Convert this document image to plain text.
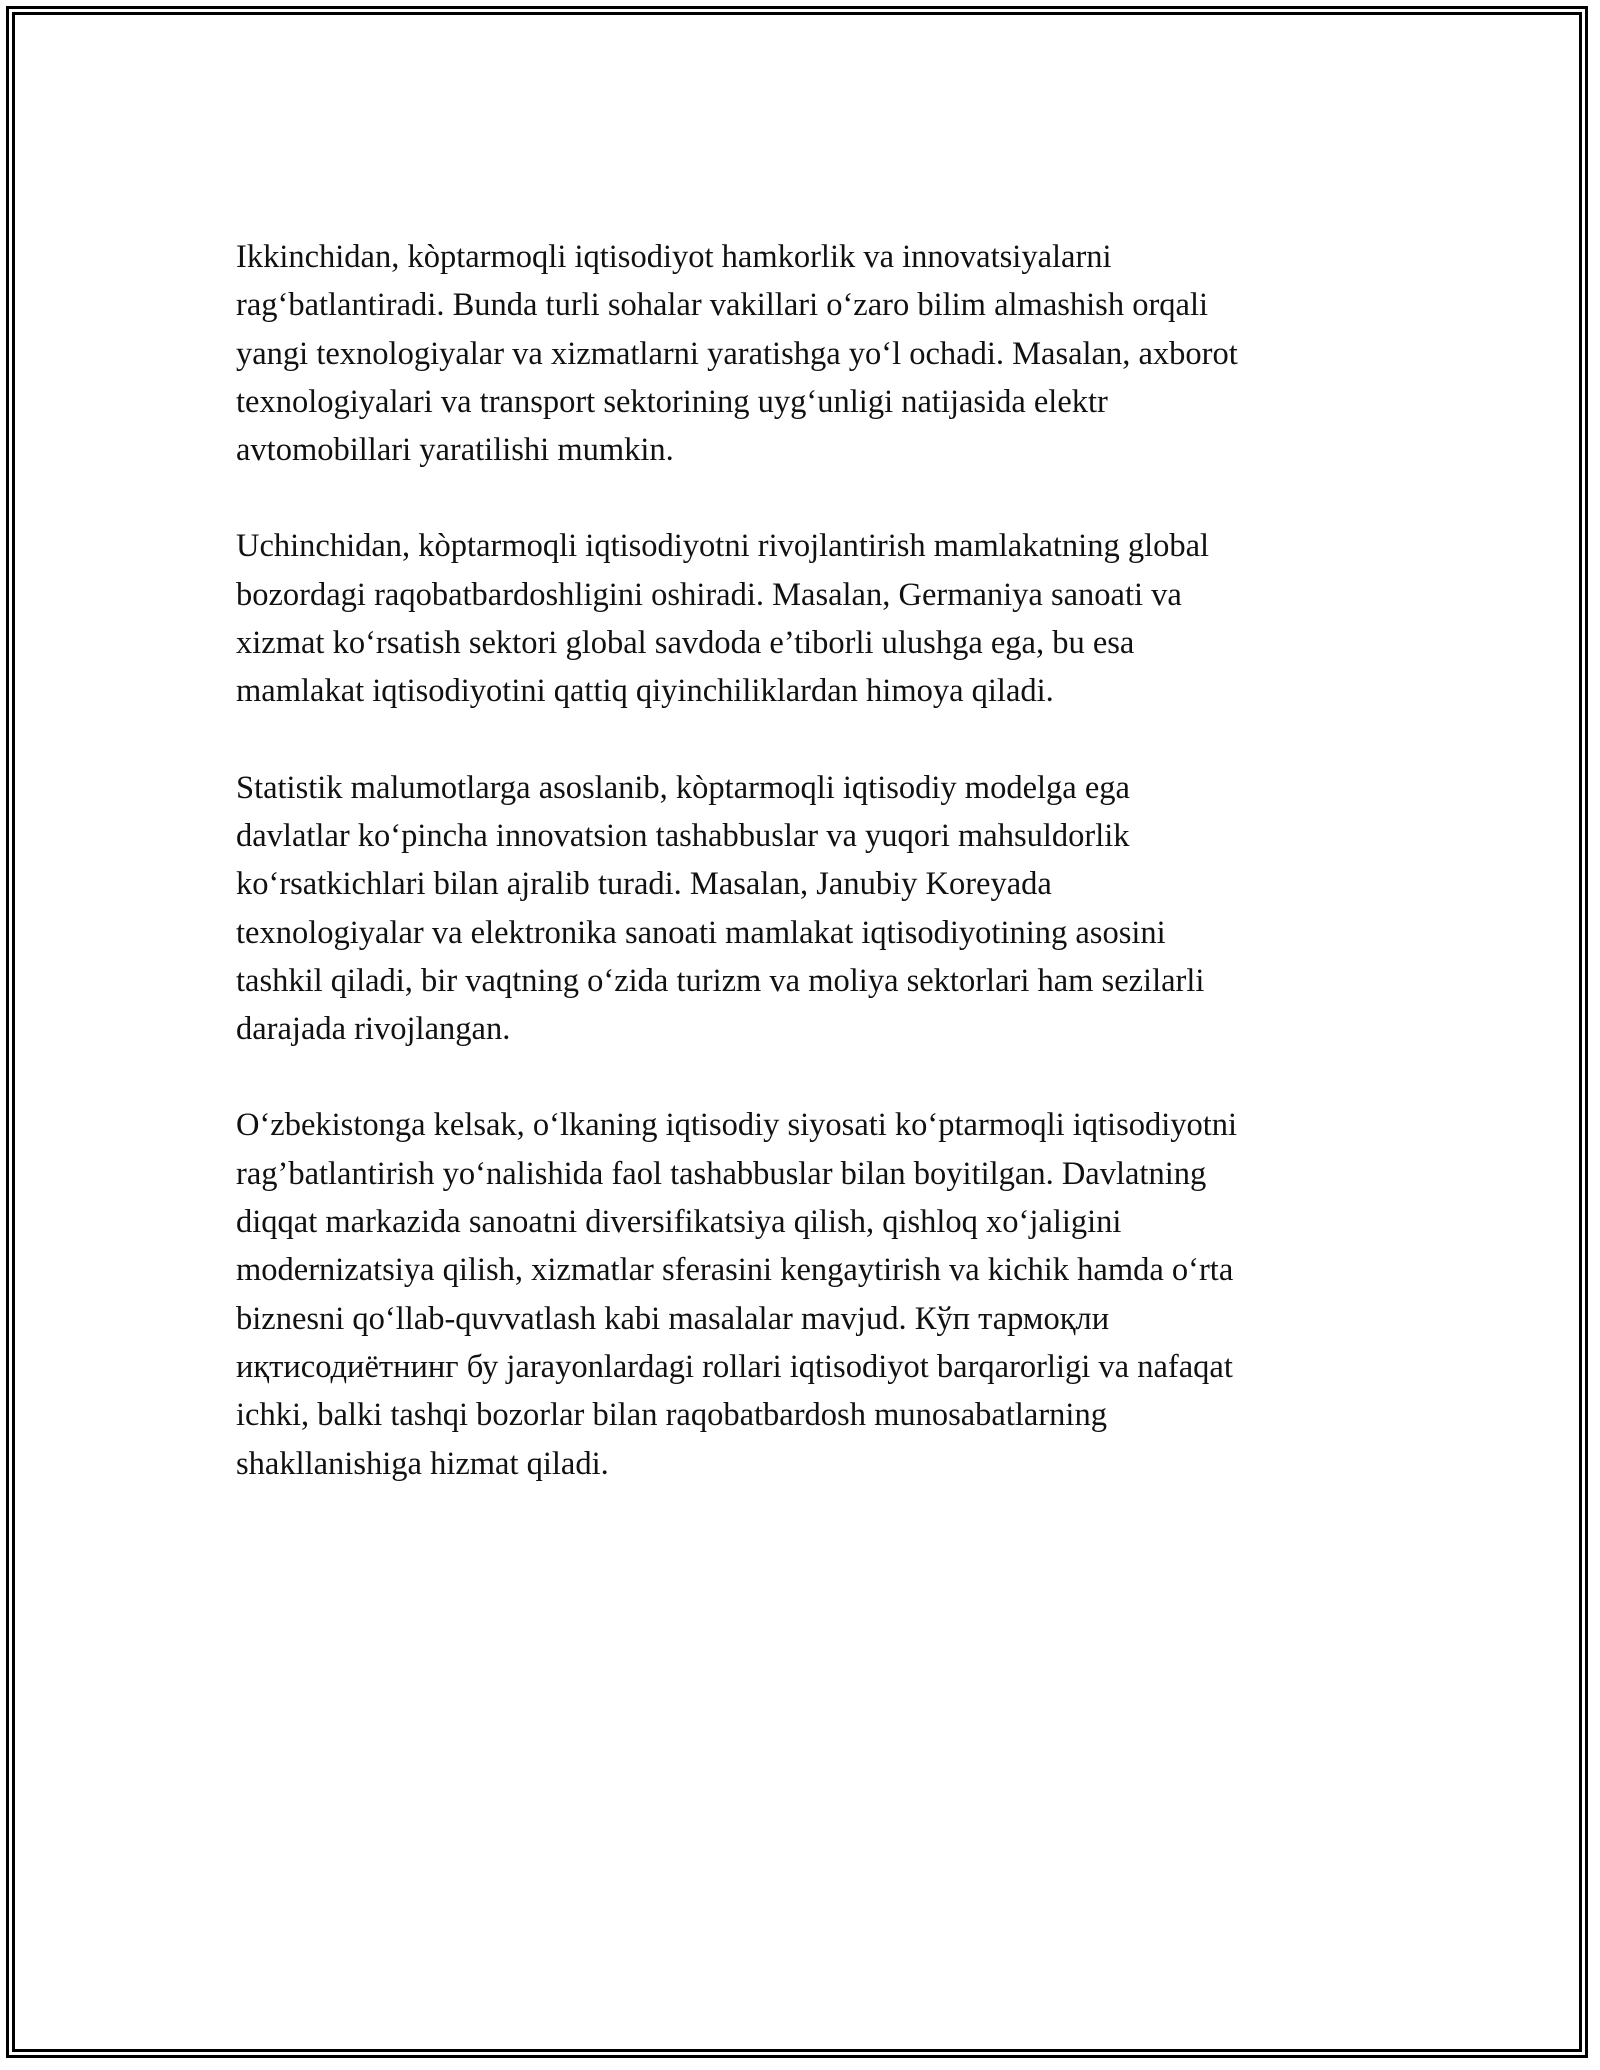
Ikkinchidan, kòptarmoqli iqtisodiyot hamkorlik va innovatsiyalarni
rag‘batlantiradi. Bunda turli sohalar vakillari o‘zaro bilim almashish orqali
yangi texnologiyalar va xizmatlarni yaratishga yo‘l ochadi. Masalan, axborot
texnologiyalari va transport sektorining uyg‘unligi natijasida elektr
avtomobillari yaratilishi mumkin.

Uchinchidan, kòptarmoqli iqtisodiyotni rivojlantirish mamlakatning global
bozordagi raqobatbardoshligini oshiradi. Masalan, Germaniya sanoati va
xizmat ko‘rsatish sektori global savdoda e’tiborli ulushga ega, bu esa
mamlakat iqtisodiyotini qattiq qiyinchiliklardan himoya qiladi.

Statistik malumotlarga asoslanib, kòptarmoqli iqtisodiy modelga ega
davlatlar ko‘pincha innovatsion tashabbuslar va yuqori mahsuldorlik
ko‘rsatkichlari bilan ajralib turadi. Masalan, Janubiy Koreyada
texnologiyalar va elektronika sanoati mamlakat iqtisodiyotining asosini
tashkil qiladi, bir vaqtning o‘zida turizm va moliya sektorlari ham sezilarli
darajada rivojlangan.

O‘zbekistonga kelsak, o‘lkaning iqtisodiy siyosati ko‘ptarmoqli iqtisodiyotni
rag’batlantirish yo‘nalishida faol tashabbuslar bilan boyitilgan. Davlatning
diqqat markazida sanoatni diversifikatsiya qilish, qishloq xo‘jaligini
modernizatsiya qilish, xizmatlar sferasini kengaytirish va kichik hamda o‘rta
biznesni qo‘llab-quvvatlash kabi masalalar mavjud. Кўп тармоқли
иқтисодиётнинг бу jarayonlardagi rollari iqtisodiyot barqarorligi va nafaqat
ichki, balki tashqi bozorlar bilan raqobatbardosh munosabatlarning
shakllanishiga hizmat qiladi.
